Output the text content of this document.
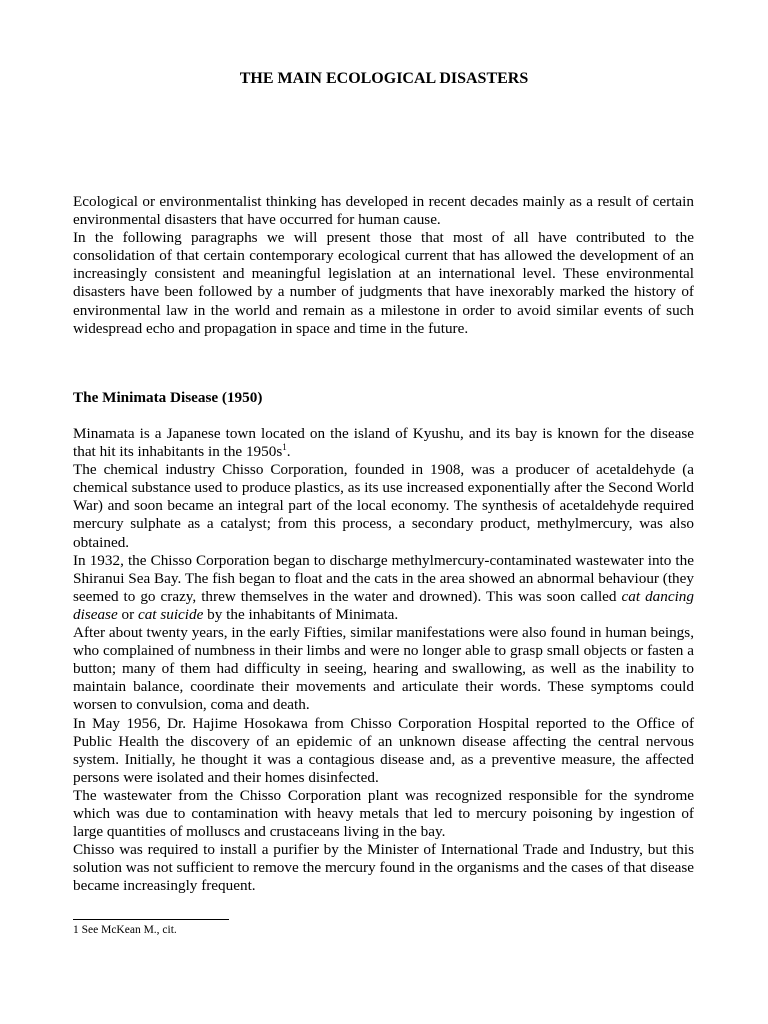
THE MAIN ECOLOGICAL DISASTERS

Ecological or environmentalist thinking has developed in recent decades mainly as a result of certain environmental disasters that have occurred for human cause.

In the following paragraphs we will present those that most of all have contributed to the consolidation of that certain contemporary ecological current that has allowed the development of an increasingly consistent and meaningful legislation at an international level. These environmental disasters have been followed by a number of judgments that have inexorably marked the history of environmental law in the world and remain as a milestone in order to avoid similar events of such widespread echo and propagation in space and time in the future.

The Minimata Disease (1950)

Minamata is a Japanese town located on the island of Kyushu, and its bay is known for the disease that hit its inhabitants in the $1950s^1$.

The chemical industry Chisso Corporation, founded in 1908, was a producer of acetaldehyde (a chemical substance used to produce plastics, as its use increased exponentially after the Second World War) and soon became an integral part of the local economy. The synthesis of acetaldehyde required mercury sulphate as a catalyst; from this process, a secondary product, methylmercury, was also obtained.

In 1932, the Chisso Corporation began to discharge methylmercury-contaminated wastewater into the Shiranui Sea Bay. The fish began to float and the cats in the area showed an abnormal behaviour (they seemed to go crazy, threw themselves in the water and drowned). This was soon called cat dancing disease or cat suicide by the inhabitants of Minimata.

After about twenty years, in the early Fifties, similar manifestations were also found in human beings, who complained of numbness in their limbs and were no longer able to grasp small objects or fasten a button; many of them had difficulty in seeing, hearing and swallowing, as well as the inability to maintain balance, coordinate their movements and articulate their words. These symptoms could worsen to convulsion, coma and death.

In May 1956, Dr. Hajime Hosokawa from Chisso Corporation Hospital reported to the Office of Public Health the discovery of an epidemic of an unknown disease affecting the central nervous system. Initially, he thought it was a contagious disease and, as a preventive measure, the affected persons were isolated and their homes disinfected.

The wastewater from the Chisso Corporation plant was recognized responsible for the syndrome which was due to contamination with heavy metals that led to mercury poisoning by ingestion of large quantities of molluscs and crustaceans living in the bay.

Chisso was required to install a purifier by the Minister of International Trade and Industry, but this solution was not sufficient to remove the mercury found in the organisms and the cases of that disease became increasingly frequent.

1 See McKean M., cit.
